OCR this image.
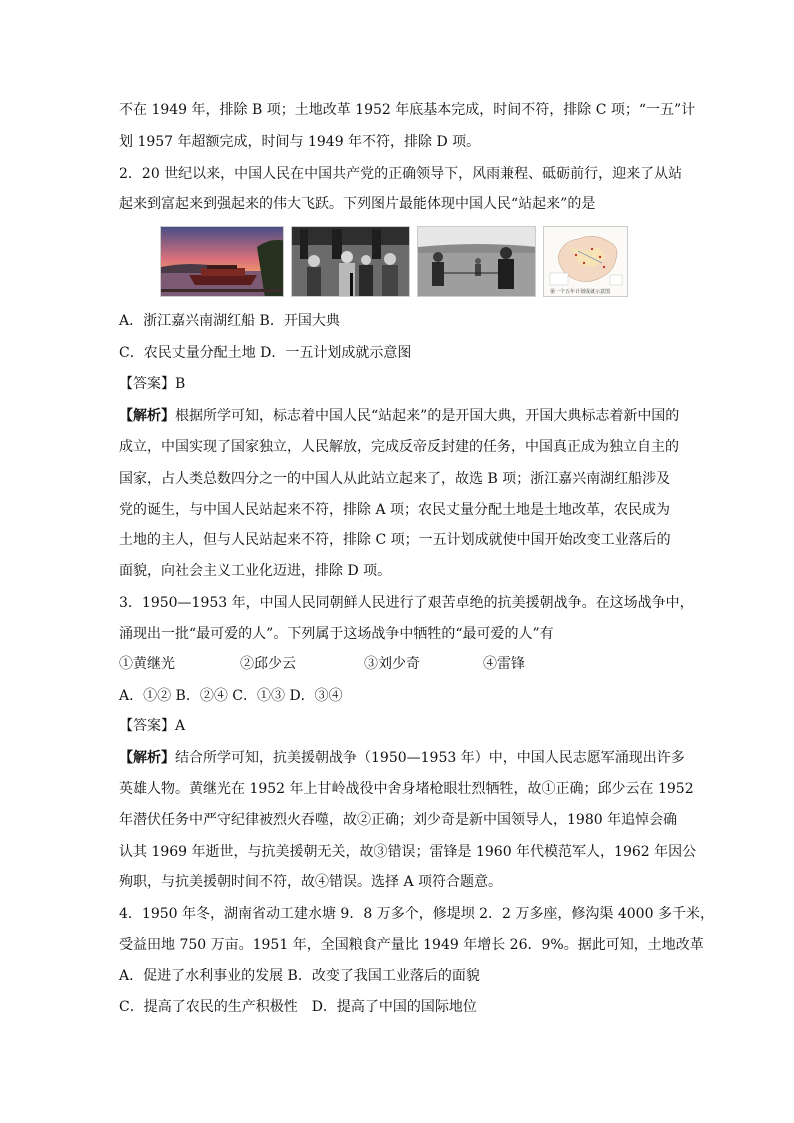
不在 1949 年，排除 B 项；土地改革 1952 年底基本完成，时间不符，排除 C 项；“一五”计
划 1957 年超额完成，时间与 1949 年不符，排除 D 项。
2．20 世纪以来，中国人民在中国共产党的正确领导下，风雨兼程、砥砺前行，迎来了从站
起来到富起来到强起来的伟大飞跃。下列图片最能体现中国人民“站起来”的是
第一个五年计划成就示意图
A．浙江嘉兴南湖红船 B．开国大典
C．农民丈量分配土地 D．一五计划成就示意图
【答案】B
【解析】根据所学可知，标志着中国人民“站起来”的是开国大典，开国大典标志着新中国的
成立，中国实现了国家独立，人民解放，完成反帝反封建的任务，中国真正成为独立自主的
国家，占人类总数四分之一的中国人从此站立起来了，故选 B 项；浙江嘉兴南湖红船涉及
党的诞生，与中国人民站起来不符，排除 A 项；农民丈量分配土地是土地改革，农民成为
土地的主人，但与人民站起来不符，排除 C 项；一五计划成就使中国开始改变工业落后的
面貌，向社会主义工业化迈进，排除 D 项。
3．1950—1953 年，中国人民同朝鲜人民进行了艰苦卓绝的抗美援朝战争。在这场战争中，
涌现出一批“最可爱的人”。下列属于这场战争中牺牲的“最可爱的人”有
①黄继光	②邱少云	③刘少奇	④雷锋
A．①② B．②④ C．①③ D．③④
【答案】A
【解析】结合所学可知，抗美援朝战争（1950—1953 年）中，中国人民志愿军涌现出许多
英雄人物。黄继光在 1952 年上甘岭战役中舍身堵枪眼壮烈牺牲，故①正确；邱少云在 1952
年潜伏任务中严守纪律被烈火吞噬，故②正确；刘少奇是新中国领导人，1980 年追悼会确
认其 1969 年逝世，与抗美援朝无关，故③错误；雷锋是 1960 年代模范军人，1962 年因公
殉职，与抗美援朝时间不符，故④错误。选择 A 项符合题意。
4．1950 年冬，湖南省动工建水塘 9．8 万多个，修堤坝 2．2 万多座，修沟渠 4000 多千米，
受益田地 750 万亩。1951 年，全国粮食产量比 1949 年增长 26．9%。据此可知，土地改革
A．促进了水利事业的发展 B．改变了我国工业落后的面貌
C．提高了农民的生产积极性　D．提高了中国的国际地位
